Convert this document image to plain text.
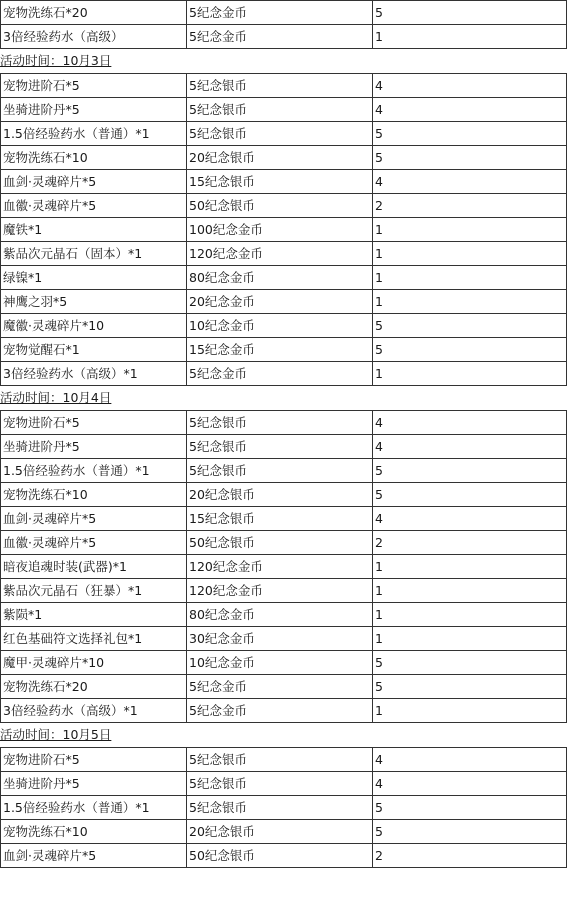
宠物洗练石*20	5纪念金币	5
3倍经验药水（高级）	5纪念金币	1
活动时间：10月3日
宠物进阶石*5	5纪念银币	4
坐骑进阶丹*5	5纪念银币	4
1.5倍经验药水（普通）*1	5纪念银币	5
宠物洗练石*10	20纪念银币	5
血剑·灵魂碎片*5	15纪念银币	4
血徽·灵魂碎片*5	50纪念银币	2
魔铁*1	100纪念金币	1
紫品次元晶石（固本）*1	120纪念金币	1
绿镍*1	80纪念金币	1
神鹰之羽*5	20纪念金币	1
魔徽·灵魂碎片*10	10纪念金币	5
宠物觉醒石*1	15纪念金币	5
3倍经验药水（高级）*1	5纪念金币	1
活动时间：10月4日
宠物进阶石*5	5纪念银币	4
坐骑进阶丹*5	5纪念银币	4
1.5倍经验药水（普通）*1	5纪念银币	5
宠物洗练石*10	20纪念银币	5
血剑·灵魂碎片*5	15纪念银币	4
血徽·灵魂碎片*5	50纪念银币	2
暗夜追魂时装(武器)*1	120纪念金币	1
紫品次元晶石（狂暴）*1	120纪念金币	1
紫陨*1	80纪念金币	1
红色基础符文选择礼包*1	30纪念金币	1
魔甲·灵魂碎片*10	10纪念金币	5
宠物洗练石*20	5纪念金币	5
3倍经验药水（高级）*1	5纪念金币	1
活动时间：10月5日
宠物进阶石*5	5纪念银币	4
坐骑进阶丹*5	5纪念银币	4
1.5倍经验药水（普通）*1	5纪念银币	5
宠物洗练石*10	20纪念银币	5
血剑·灵魂碎片*5	50纪念银币	2
